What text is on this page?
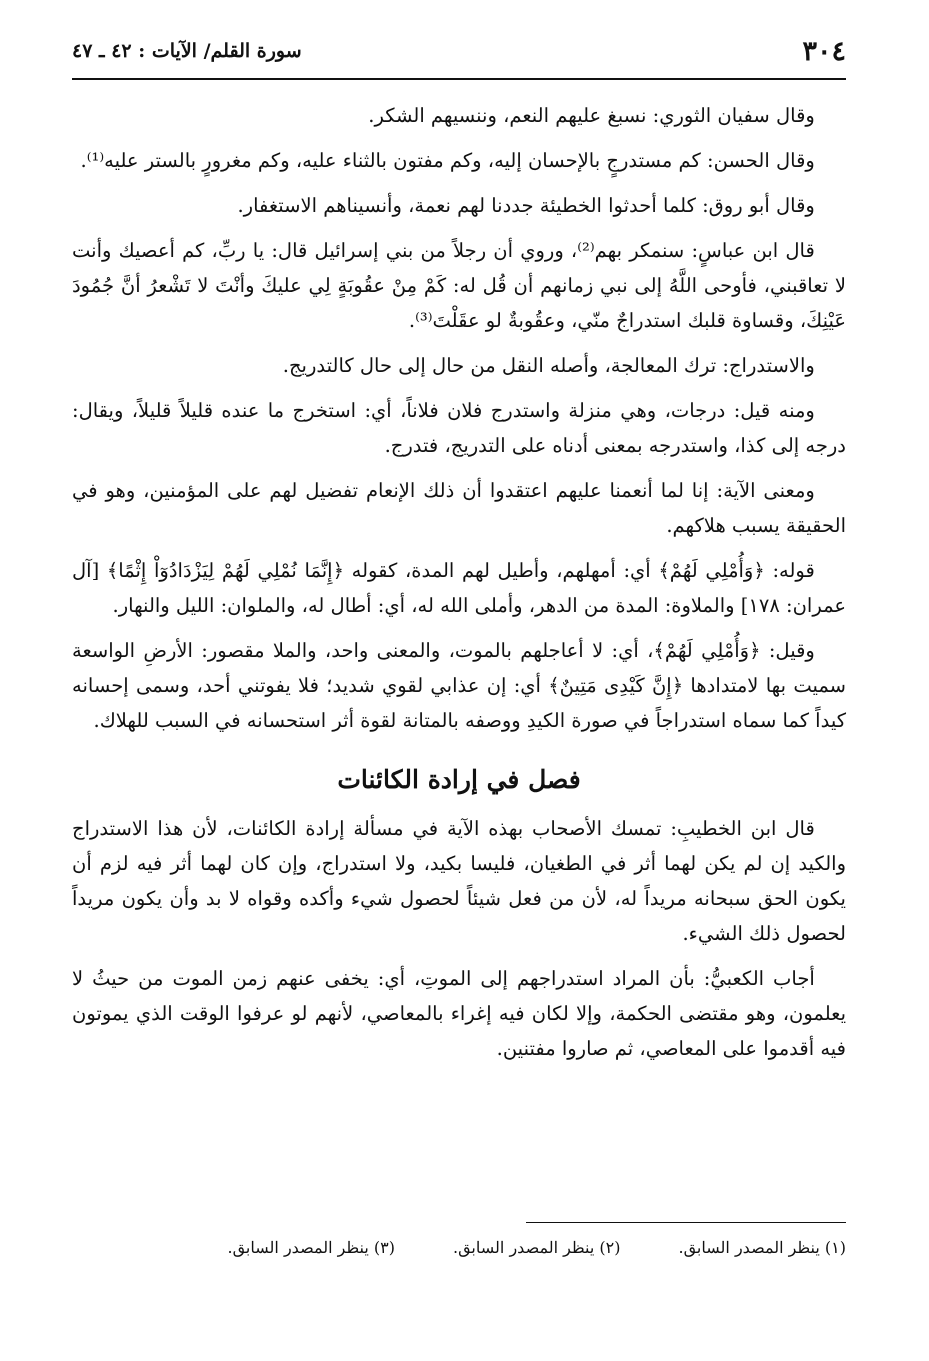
٣٠٤
سورة القلم/ الآيات : ٤٢ ـ ٤٧

وقال سفيان الثوري: نسبغ عليهم النعم، وننسيهم الشكر.

وقال الحسن: كم مستدرجٍ بالإحسان إليه، وكم مفتون بالثناء عليه، وكم مغرورٍ بالستر عليه⁽¹⁾.

وقال أبو روق: كلما أحدثوا الخطيئة جددنا لهم نعمة، وأنسيناهم الاستغفار.

قال ابن عباسٍ: سنمكر بهم⁽²⁾، وروي أن رجلاً من بني إسرائيل قال: يا ربِّ، كم أعصيك وأنت لا تعاقبني، فأوحى اللَّهُ إلى نبي زمانهم أن قُل له: كَمْ مِنْ عقُوبَةٍ لِي عليكَ وأنْتَ لا تَشْعرُ أنَّ جُمُودَ عَيْنِكَ، وقساوة قلبك استدراجٌ منّي، وعقُوبةٌ لو عقَلْتَ⁽³⁾.

والاستدراج: ترك المعالجة، وأصله النقل من حال إلى حال كالتدريج.

ومنه قيل: درجات، وهي منزلة واستدرج فلان فلاناً، أي: استخرج ما عنده قليلاً قليلاً، ويقال: درجه إلى كذا، واستدرجه بمعنى أدناه على التدريج، فتدرج.

ومعنى الآية: إنا لما أنعمنا عليهم اعتقدوا أن ذلك الإنعام تفضيل لهم على المؤمنين، وهو في الحقيقة يسبب هلاكهم.

قوله: ﴿وَأُمْلِي لَهُمْ﴾ أي: أمهلهم، وأطيل لهم المدة، كقوله ﴿إِنَّمَا نُمْلِي لَهُمْ لِيَزْدَادُوٓاْ إِثْمًا﴾ [آل عمران: ١٧٨] والملاوة: المدة من الدهر، وأملى الله له، أي: أطال له، والملوان: الليل والنهار.

وقيل: ﴿وَأُمْلِي لَهُمْ﴾، أي: لا أعاجلهم بالموت، والمعنى واحد، والملا مقصور: الأرضِ الواسعة سميت بها لامتدادها ﴿إِنَّ كَيْدِى مَتِينٌ﴾ أي: إن عذابي لقوي شديد؛ فلا يفوتني أحد، وسمى إحسانه كيداً كما سماه استدراجاً في صورة الكيدِ ووصفه بالمتانة لقوة أثر استحسانه في السبب للهلاك.

فصل في إرادة الكائنات

قال ابن الخطيبِ: تمسك الأصحاب بهذه الآية في مسألة إرادة الكائنات، لأن هذا الاستدراج والكيد إن لم يكن لهما أثر في الطغيان، فليسا بكيد، ولا استدراج، وإن كان لهما أثر فيه لزم أن يكون الحق سبحانه مريداً له، لأن من فعل شيئاً لحصول شيء وأكده وقواه لا بد وأن يكون مريداً لحصول ذلك الشيء.

أجاب الكعبيُّ: بأن المراد استدراجهم إلى الموتِ، أي: يخفى عنهم زمن الموت من حيثُ لا يعلمون، وهو مقتضى الحكمة، وإلا لكان فيه إغراء بالمعاصي، لأنهم لو عرفوا الوقت الذي يموتون فيه أقدموا على المعاصي، ثم صاروا مفتنين.

(١) ينظر المصدر السابق.
(٢) ينظر المصدر السابق.
(٣) ينظر المصدر السابق.
